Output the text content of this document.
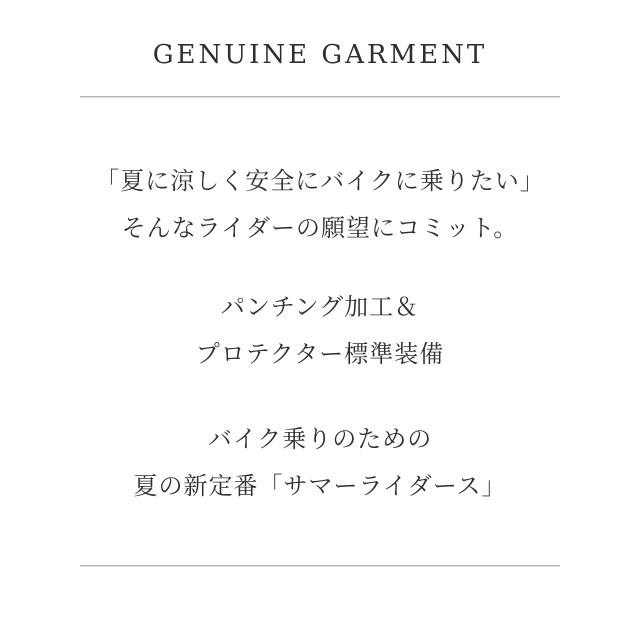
GENUINE GARMENT

「夏に涼しく安全にバイクに乗りたい」

そんなライダーの願望にコミット。

パンチング加工＆

プロテクター標準装備

バイク乗りのための

夏の新定番「サマーライダース」
